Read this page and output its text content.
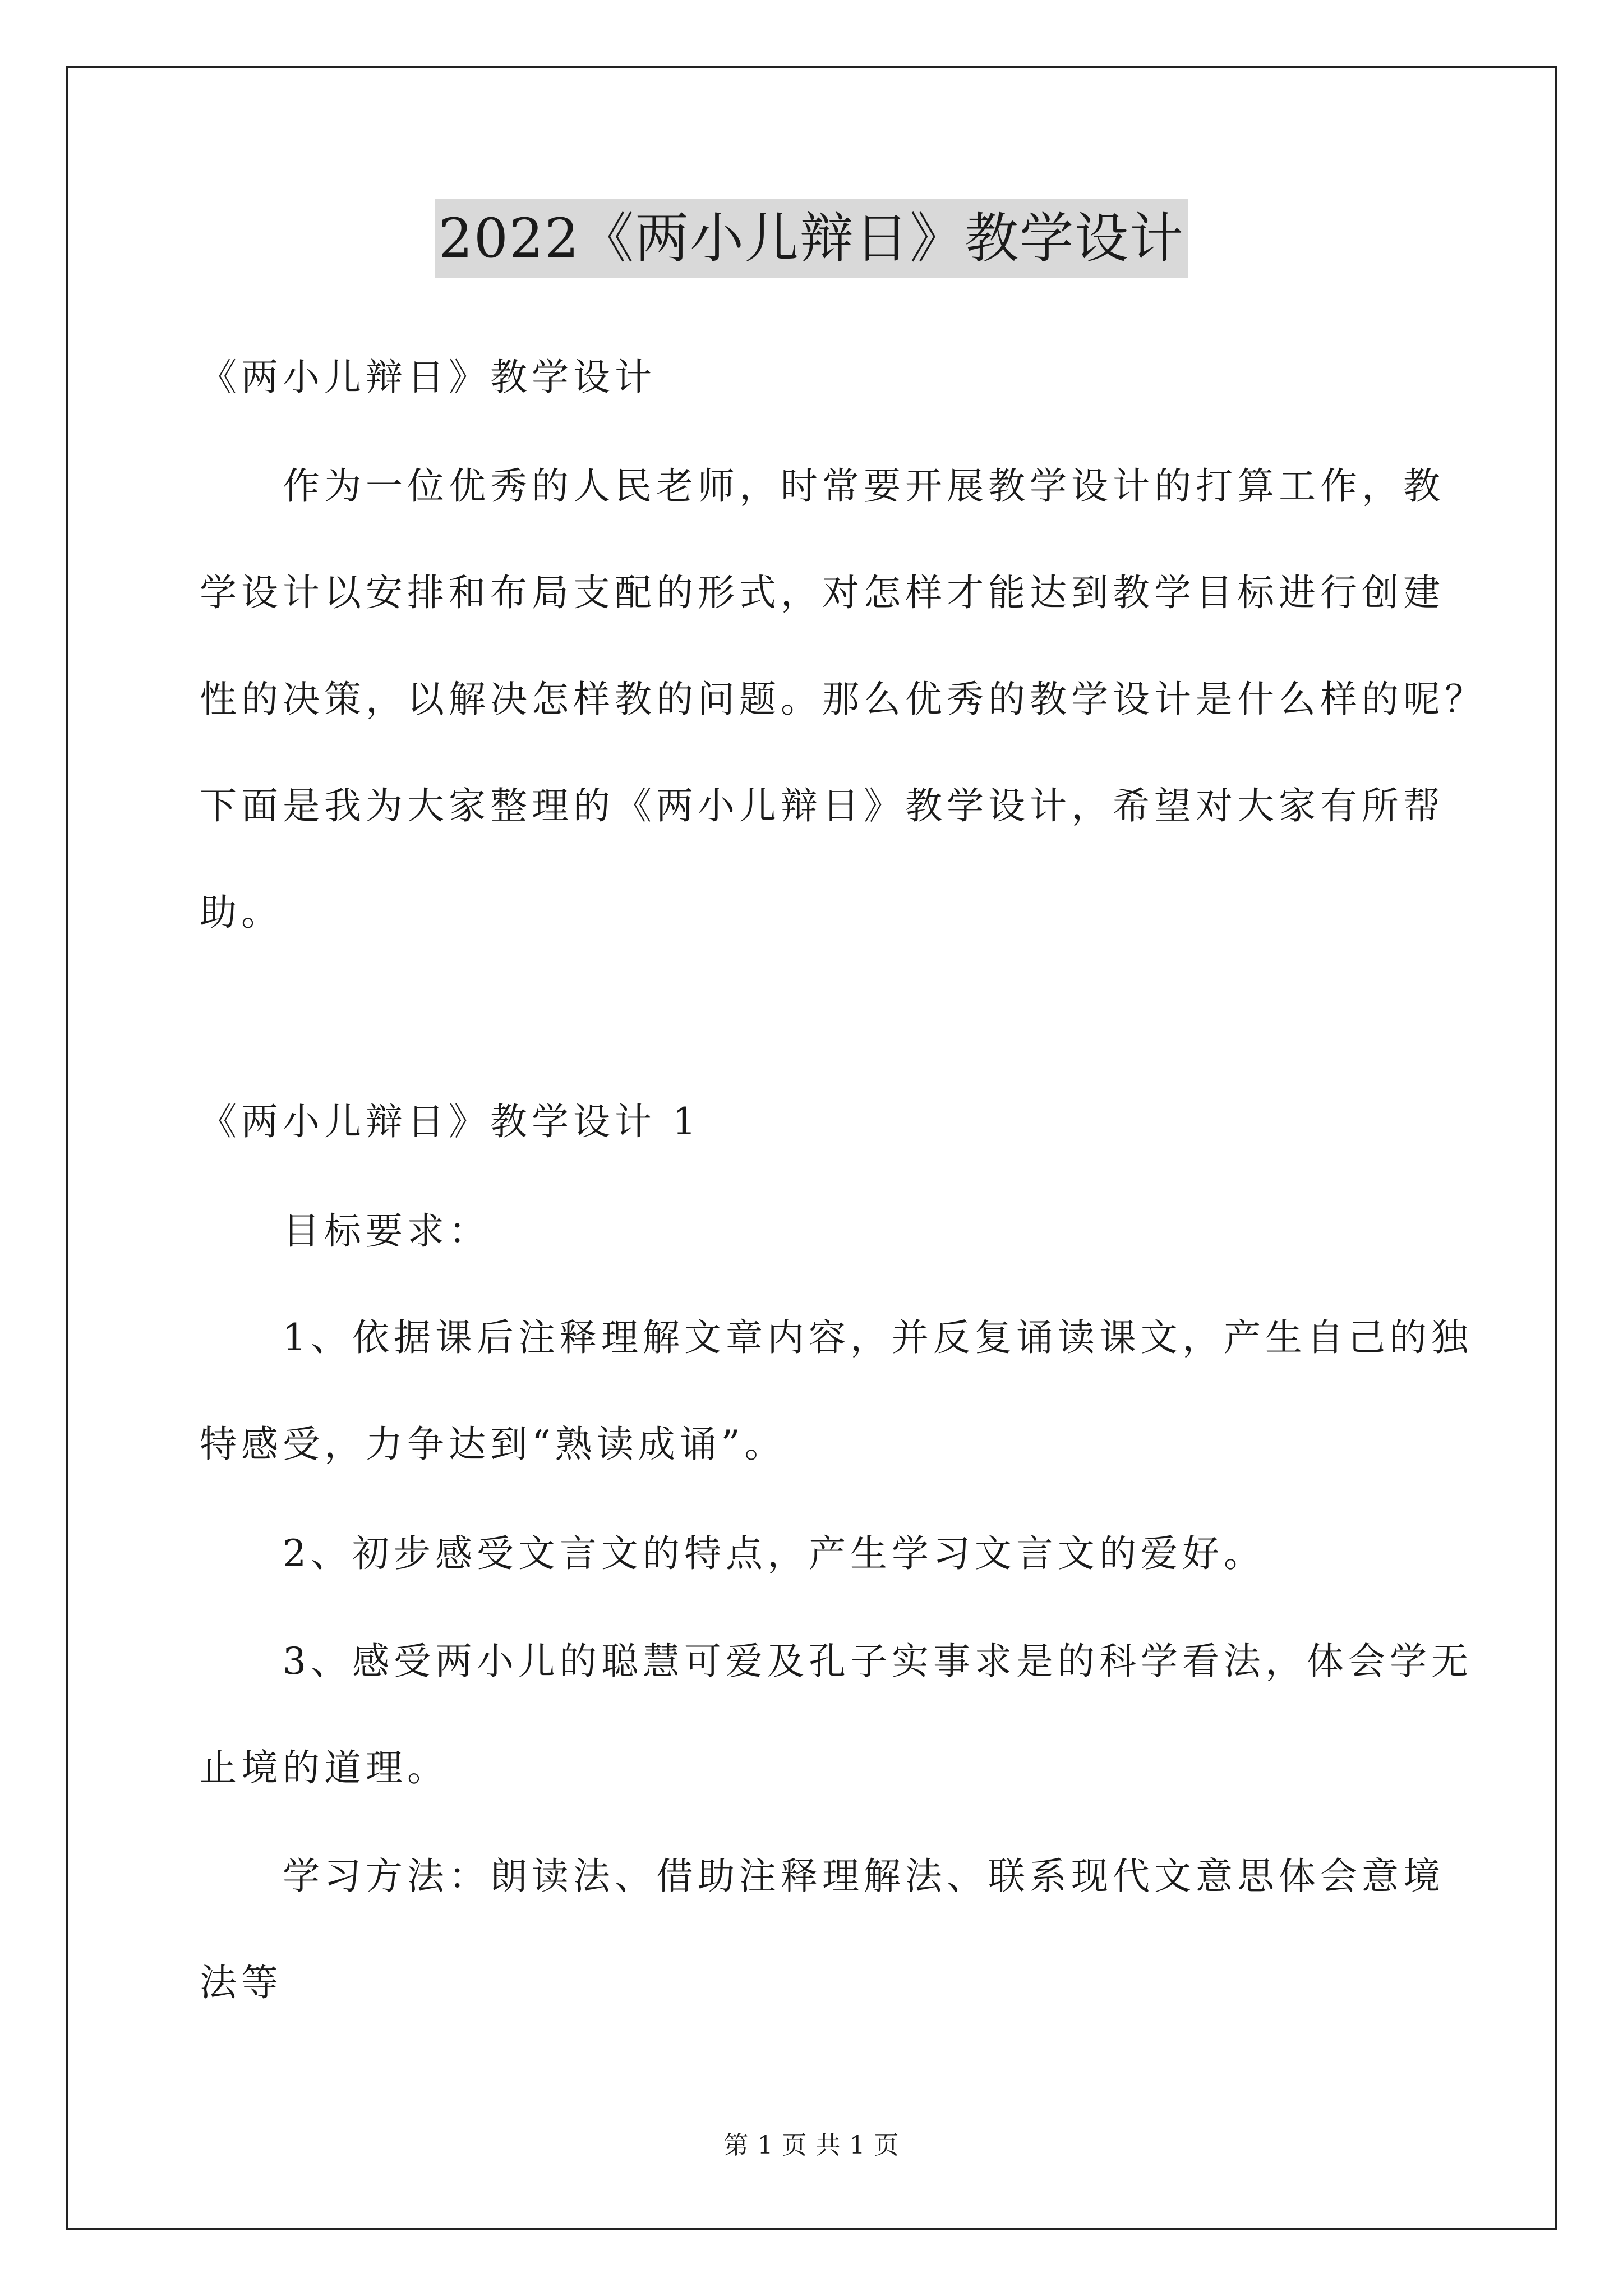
2022《两小儿辩日》教学设计

《两小儿辩日》教学设计

作为一位优秀的人民老师，时常要开展教学设计的打算工作，教

学设计以安排和布局支配的形式，对怎样才能达到教学目标进行创建

性的决策，以解决怎样教的问题。那么优秀的教学设计是什么样的呢？

下面是我为大家整理的《两小儿辩日》教学设计，希望对大家有所帮

助。

《两小儿辩日》教学设计 1

目标要求：

1、依据课后注释理解文章内容，并反复诵读课文，产生自己的独

特感受，力争达到“熟读成诵”。

2、初步感受文言文的特点，产生学习文言文的爱好。

3、感受两小儿的聪慧可爱及孔子实事求是的科学看法，体会学无

止境的道理。

学习方法：朗读法、借助注释理解法、联系现代文意思体会意境

法等

第 1 页 共 1 页
